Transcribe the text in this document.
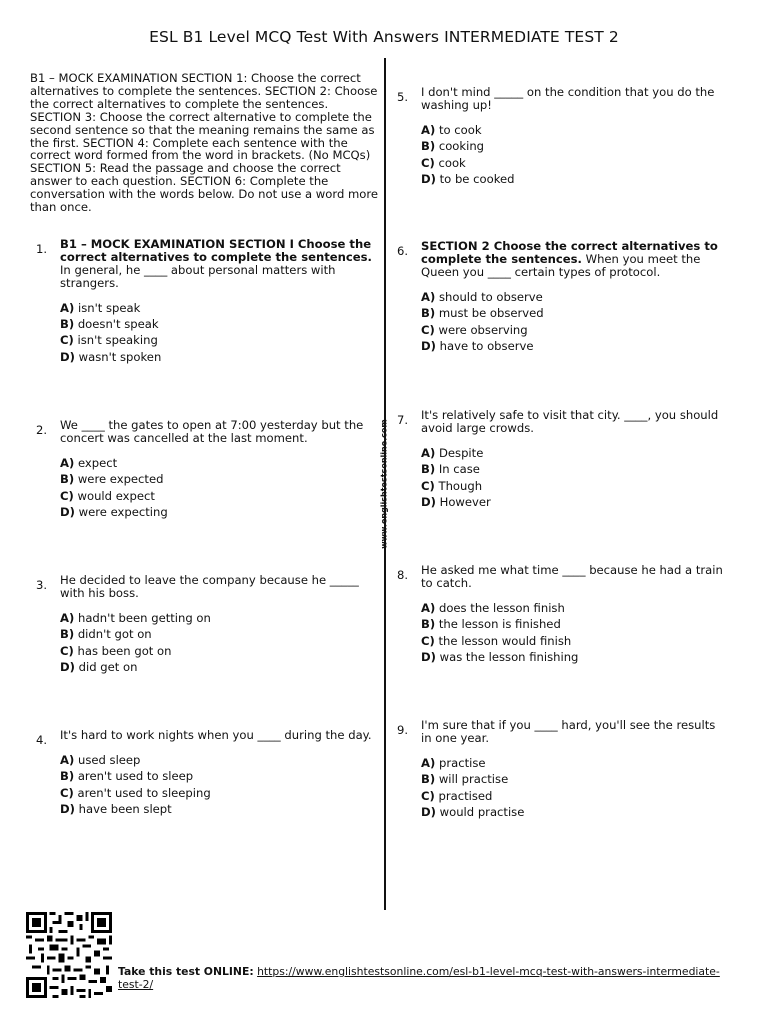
ESL B1 Level MCQ Test With Answers INTERMEDIATE TEST 2
B1 – MOCK EXAMINATION SECTION 1: Choose the correct alternatives to complete the sentences. SECTION 2: Choose the correct alternatives to complete the sentences. SECTION 3: Choose the correct alternative to complete the second sentence so that the meaning remains the same as the first. SECTION 4: Complete each sentence with the correct word formed from the word in brackets. (No MCQs) SECTION 5: Read the passage and choose the correct answer to each question. SECTION 6: Complete the conversation with the words below. Do not use a word more than once.
www.englishtestsonline.com
1.	B1 – MOCK EXAMINATION SECTION I Choose the correct alternatives to complete the sentences. In general, he ____ about personal matters with strangers.
A) isn't speak
B) doesn't speak
C) isn't speaking
D) wasn't spoken
2.	We ____ the gates to open at 7:00 yesterday but the concert was cancelled at the last moment.
A) expect
B) were expected
C) would expect
D) were expecting
3.	He decided to leave the company because he _____ with his boss.
A) hadn't been getting on
B) didn't got on
C) has been got on
D) did get on
4.	It's hard to work nights when you ____ during the day.
A) used sleep
B) aren't used to sleep
C) aren't used to sleeping
D) have been slept
5.	I don't mind _____ on the condition that you do the washing up!
A) to cook
B) cooking
C) cook
D) to be cooked
6.	SECTION 2 Choose the correct alternatives to complete the sentences. When you meet the Queen you ____ certain types of protocol.
A) should to observe
B) must be observed
C) were observing
D) have to observe
7.	It's relatively safe to visit that city. ____, you should avoid large crowds.
A) Despite
B) In case
C) Though
D) However
8.	He asked me what time ____ because he had a train to catch.
A) does the lesson finish
B) the lesson is finished
C) the lesson would finish
D) was the lesson finishing
9.	I'm sure that if you ____ hard, you'll see the results in one year.
A) practise
B) will practise
C) practised
D) would practise
Take this test ONLINE: https://www.englishtestsonline.com/esl-b1-level-mcq-test-with-answers-intermediate-test-2/
